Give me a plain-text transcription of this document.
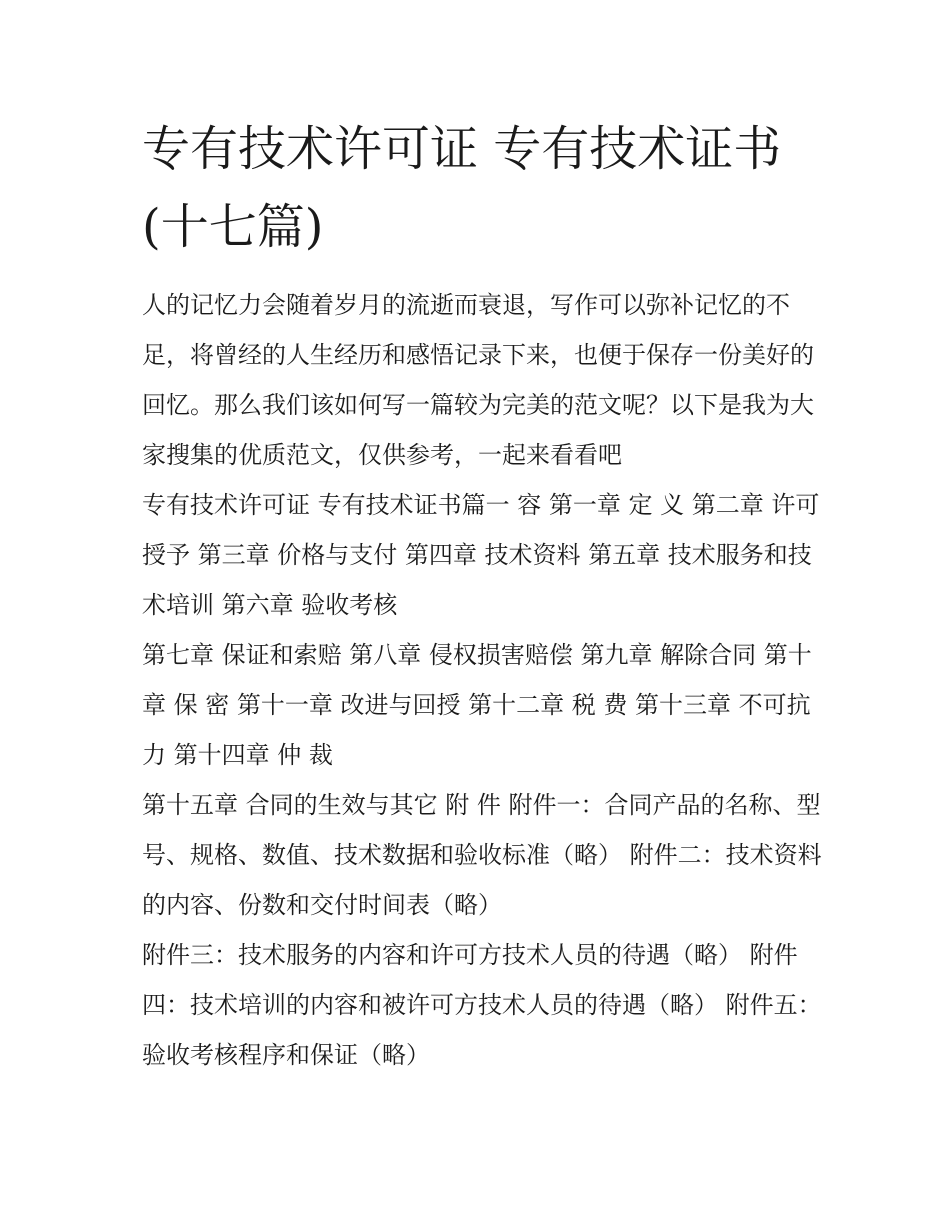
专有技术许可证 专有技术证书(十七篇)

人的记忆力会随着岁月的流逝而衰退，写作可以弥补记忆的不足，将曾经的人生经历和感悟记录下来，也便于保存一份美好的回忆。那么我们该如何写一篇较为完美的范文呢？以下是我为大家搜集的优质范文，仅供参考，一起来看看吧

专有技术许可证 专有技术证书篇一 容 第一章 定 义 第二章 许可授予 第三章 价格与支付 第四章 技术资料 第五章 技术服务和技术培训 第六章 验收考核

第七章 保证和索赔 第八章 侵权损害赔偿 第九章 解除合同 第十章 保 密 第十一章 改进与回授 第十二章 税 费 第十三章 不可抗力 第十四章 仲 裁

第十五章 合同的生效与其它 附 件 附件一：合同产品的名称、型号、规格、数值、技术数据和验收标准（略） 附件二：技术资料的内容、份数和交付时间表（略）

附件三：技术服务的内容和许可方技术人员的待遇（略） 附件四：技术培训的内容和被许可方技术人员的待遇（略） 附件五：验收考核程序和保证（略）
